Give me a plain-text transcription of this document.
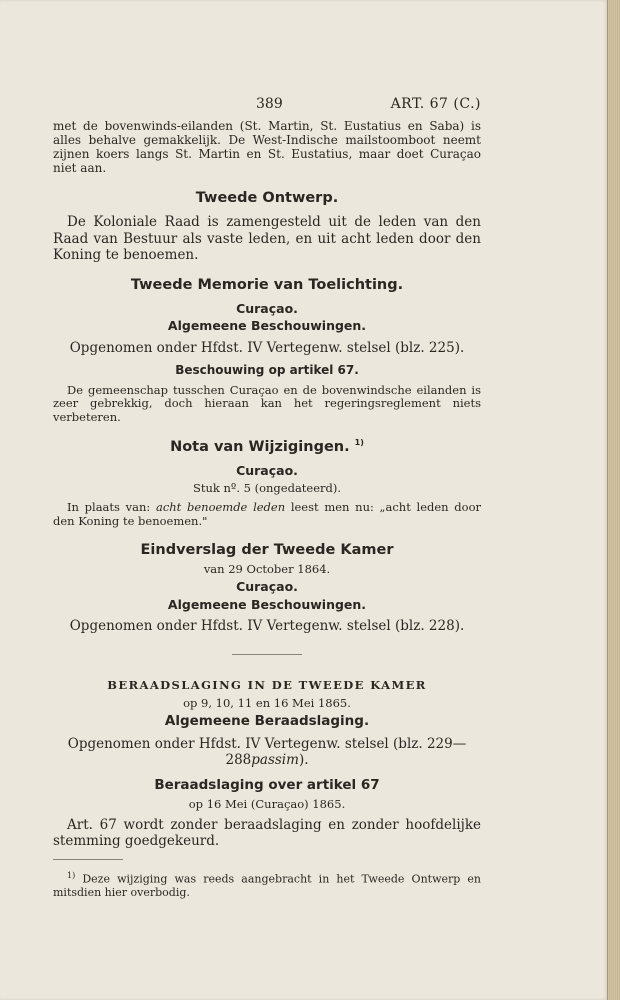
389	ART. 67 (C.)

met de bovenwinds-eilanden (St. Martin, St. Eustatius en Saba) is alles behalve gemakkelijk. De West-Indische mailstoomboot neemt zijnen koers langs St. Martin en St. Eustatius, maar doet Curaçao niet aan.

Tweede Ontwerp.

De Koloniale Raad is zamengesteld uit de leden van den Raad van Bestuur als vaste leden, en uit acht leden door den Koning te benoemen.

Tweede Memorie van Toelichting.
Curaçao.
Algemeene Beschouwingen.

Opgenomen onder Hfdst. IV Vertegenw. stelsel (blz. 225).

Beschouwing op artikel 67.

De gemeenschap tusschen Curaçao en de bovenwindsche eilanden is zeer gebrekkig, doch hieraan kan het regeringsreglement niets verbeteren.

Nota van Wijzigingen. $^{1)}$
Curaçao.

Stuk nº. 5 (ongedateerd).

In plaats van: acht benoemde leden leest men nu: „acht leden door den Koning te benoemen."

Eindverslag der Tweede Kamer

van 29 October 1864.

Curaçao.
Algemeene Beschouwingen.

Opgenomen onder Hfdst. IV Vertegenw. stelsel (blz. 228).

BERAADSLAGING IN DE TWEEDE KAMER

op 9, 10, 11 en 16 Mei 1865.

Algemeene Beraadslaging.

Opgenomen onder Hfdst. IV Vertegenw. stelsel (blz. 229—288passim).

Beraadslaging over artikel 67

op 16 Mei (Curaçao) 1865.

Art. 67 wordt zonder beraadslaging en zonder hoofdelijke stemming goedgekeurd.

$^{1)}$ Deze wijziging was reeds aangebracht in het Tweede Ontwerp en mitsdien hier overbodig.
